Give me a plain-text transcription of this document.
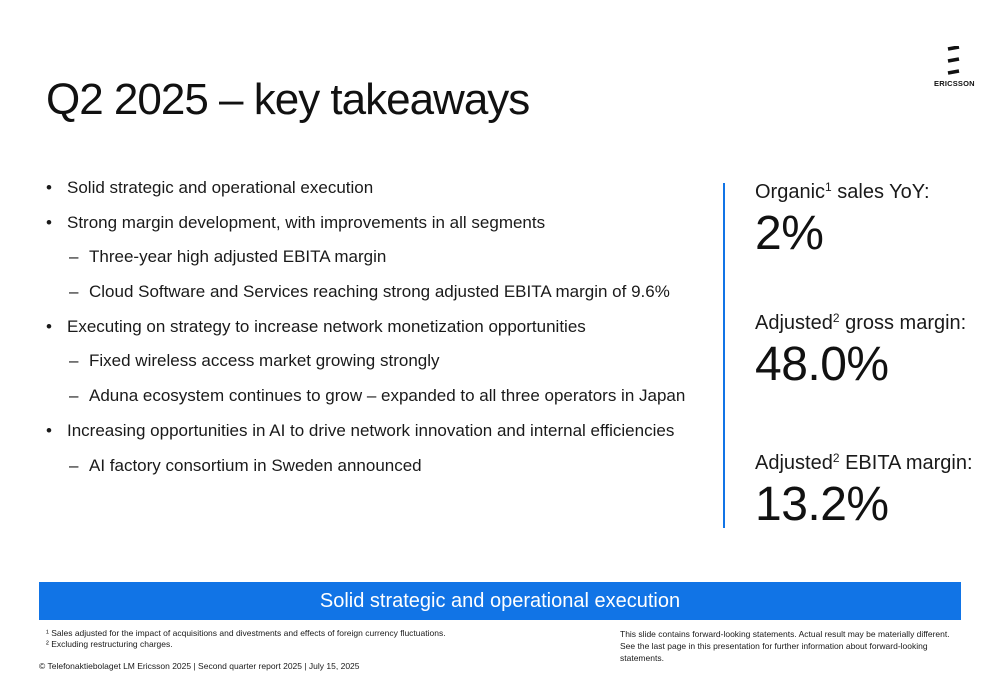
Q2 2025 – key takeaways	ERICSSON
• Solid strategic and operational execution
• Strong margin development, with improvements in all segments
– Three-year high adjusted EBITA margin
– Cloud Software and Services reaching strong adjusted EBITA margin of 9.6%
• Executing on strategy to increase network monetization opportunities
– Fixed wireless access market growing strongly
– Aduna ecosystem continues to grow – expanded to all three operators in Japan
• Increasing opportunities in AI to drive network innovation and internal efficiencies
– AI factory consortium in Sweden announced
Organic$^1$ sales YoY:
2%
Adjusted$^2$ gross margin:
48.0%
Adjusted$^2$ EBITA margin:
13.2%
Solid strategic and operational execution
¹ Sales adjusted for the impact of acquisitions and divestments and effects of foreign currency fluctuations.
² Excluding restructuring charges.
This slide contains forward-looking statements. Actual result may be materially different. See the last page in this presentation for further information about forward-looking statements.
© Telefonaktiebolaget LM Ericsson 2025 | Second quarter report 2025 | July 15, 2025
